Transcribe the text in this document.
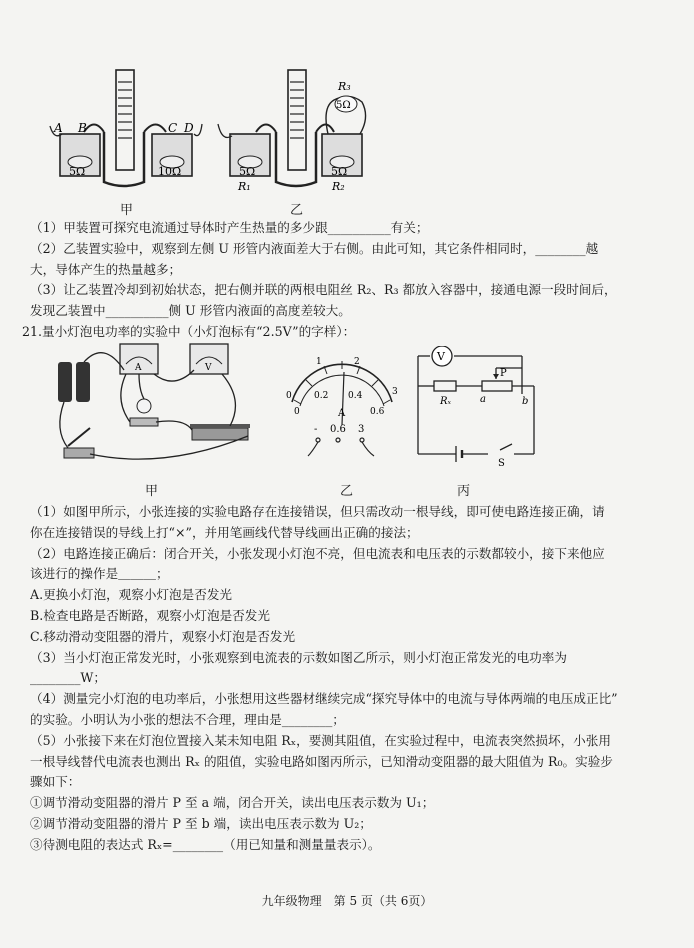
A B	C D
5Ω	10Ω
甲
R₃
5Ω
5Ω	5Ω
R₁	R₂
乙
（1）甲装置可探究电流通过导体时产生热量的多少跟__________有关；
（2）乙装置实验中，观察到左侧 U 形管内液面差大于右侧。由此可知，其它条件相同时，________越
大，导体产生的热量越多；
（3）让乙装置冷却到初始状态，把右侧并联的两根电阻丝 R₂、R₃ 都放入容器中，接通电源一段时间后，
发现乙装置中__________侧 U 形管内液面的高度差较大。
21.量小灯泡电功率的实验中（小灯泡标有“2.5V”的字样）：
A	V
甲
0
1	2
3
0
0.2 0.4
0.6
A
- 0.6 3
乙
V
Rₓ
P
a	b
S
丙
（1）如图甲所示，小张连接的实验电路存在连接错误，但只需改动一根导线，即可使电路连接正确，请
你在连接错误的导线上打“×”，并用笔画线代替导线画出正确的接法；
（2）电路连接正确后：闭合开关，小张发现小灯泡不亮，但电流表和电压表的示数都较小，接下来他应
该进行的操作是＿＿＿；
A.更换小灯泡，观察小灯泡是否发光
B.检查电路是否断路，观察小灯泡是否发光
C.移动滑动变阻器的滑片，观察小灯泡是否发光
（3）当小灯泡正常发光时，小张观察到电流表的示数如图乙所示，则小灯泡正常发光的电功率为
________W；
（4）测量完小灯泡的电功率后，小张想用这些器材继续完成“探究导体中的电流与导体两端的电压成正比”
的实验。小明认为小张的想法不合理，理由是________；
（5）小张接下来在灯泡位置接入某未知电阻 Rₓ，要测其阻值，在实验过程中，电流表突然损坏，小张用
一根导线替代电流表也测出 Rₓ 的阻值，实验电路如图丙所示，已知滑动变阻器的最大阻值为 R₀。实验步
骤如下：
①调节滑动变阻器的滑片 P 至 a 端，闭合开关，读出电压表示数为 U₁；
②调节滑动变阻器的滑片 P 至 b 端，读出电压表示数为 U₂；
③待测电阻的表达式 Rₓ=________（用已知量和测量量表示）。
九年级物理　第 5 页（共 6页）
